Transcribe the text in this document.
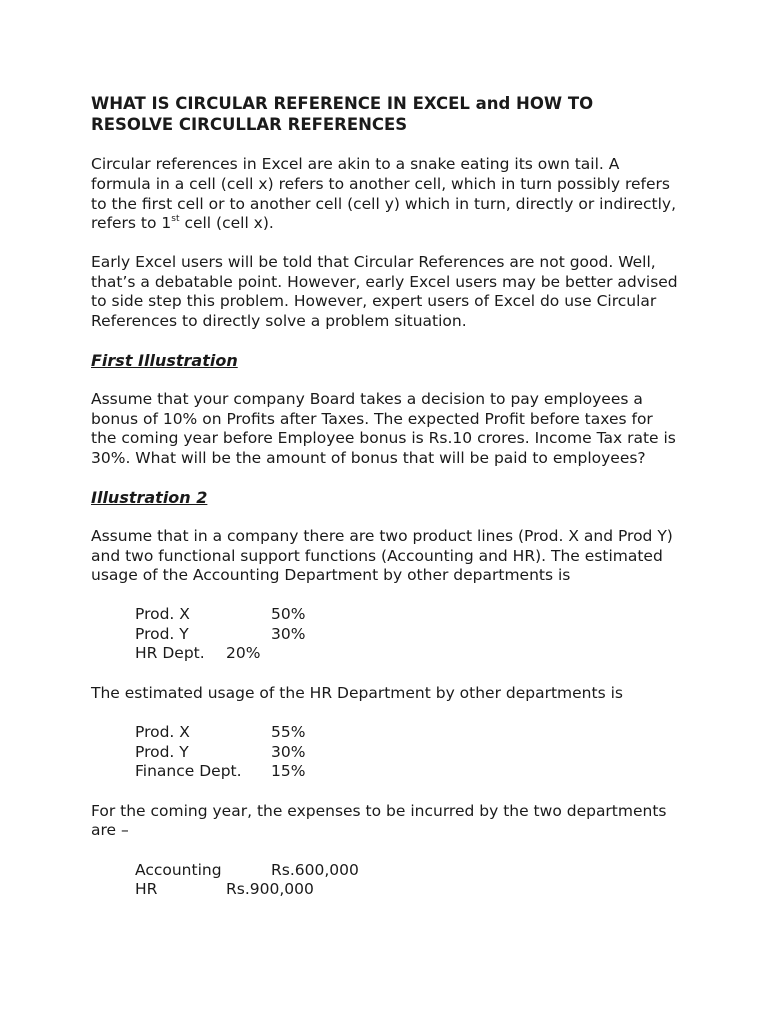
WHAT IS CIRCULAR REFERENCE IN EXCEL and HOW TO
RESOLVE CIRCULLAR REFERENCES
Circular references in Excel are akin to a snake eating its own tail. A
formula in a cell (cell x) refers to another cell, which in turn possibly refers
to the first cell or to another cell (cell y) which in turn, directly or indirectly,
refers to 1st cell (cell x).
Early Excel users will be told that Circular References are not good. Well,
that’s a debatable point. However, early Excel users may be better advised
to side step this problem. However, expert users of Excel do use Circular
References to directly solve a problem situation.
First Illustration
Assume that your company Board takes a decision to pay employees a
bonus of 10% on Profits after Taxes. The expected Profit before taxes for
the coming year before Employee bonus is Rs.10 crores. Income Tax rate is
30%. What will be the amount of bonus that will be paid to employees?
Illustration 2
Assume that in a company there are two product lines (Prod. X and Prod Y)
and two functional support functions (Accounting and HR). The estimated
usage of the Accounting Department by other departments is
Prod. X	50%
Prod. Y	30%
HR Dept. 20%
The estimated usage of the HR Department by other departments is
Prod. X	55%
Prod. Y	30%
Finance Dept. 15%
For the coming year, the expenses to be incurred by the two departments
are –
Accounting	Rs.600,000
HR	Rs.900,000
